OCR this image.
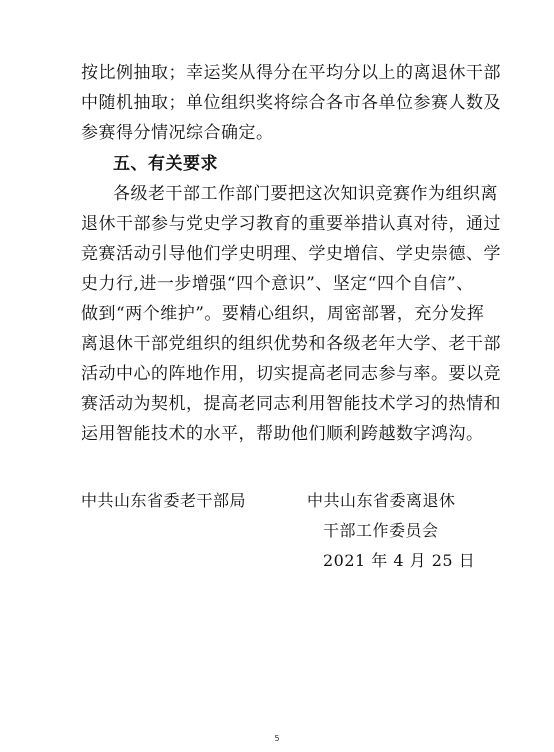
按比例抽取；幸运奖从得分在平均分以上的离退休干部
中随机抽取；单位组织奖将综合各市各单位参赛人数及
参赛得分情况综合确定。
五、有关要求
各级老干部工作部门要把这次知识竞赛作为组织离
退休干部参与党史学习教育的重要举措认真对待，通过
竞赛活动引导他们学史明理、学史增信、学史崇德、学
史力行,进一步增强“四个意识”、坚定“四个自信”、
做到“两个维护”。要精心组织，周密部署，充分发挥
离退休干部党组织的组织优势和各级老年大学、老干部
活动中心的阵地作用，切实提高老同志参与率。要以竞
赛活动为契机，提高老同志利用智能技术学习的热情和
运用智能技术的水平，帮助他们顺利跨越数字鸿沟。
中共山东省委老干部局	中共山东省委离退休
干部工作委员会
2021 年 4 月 25 日
5
